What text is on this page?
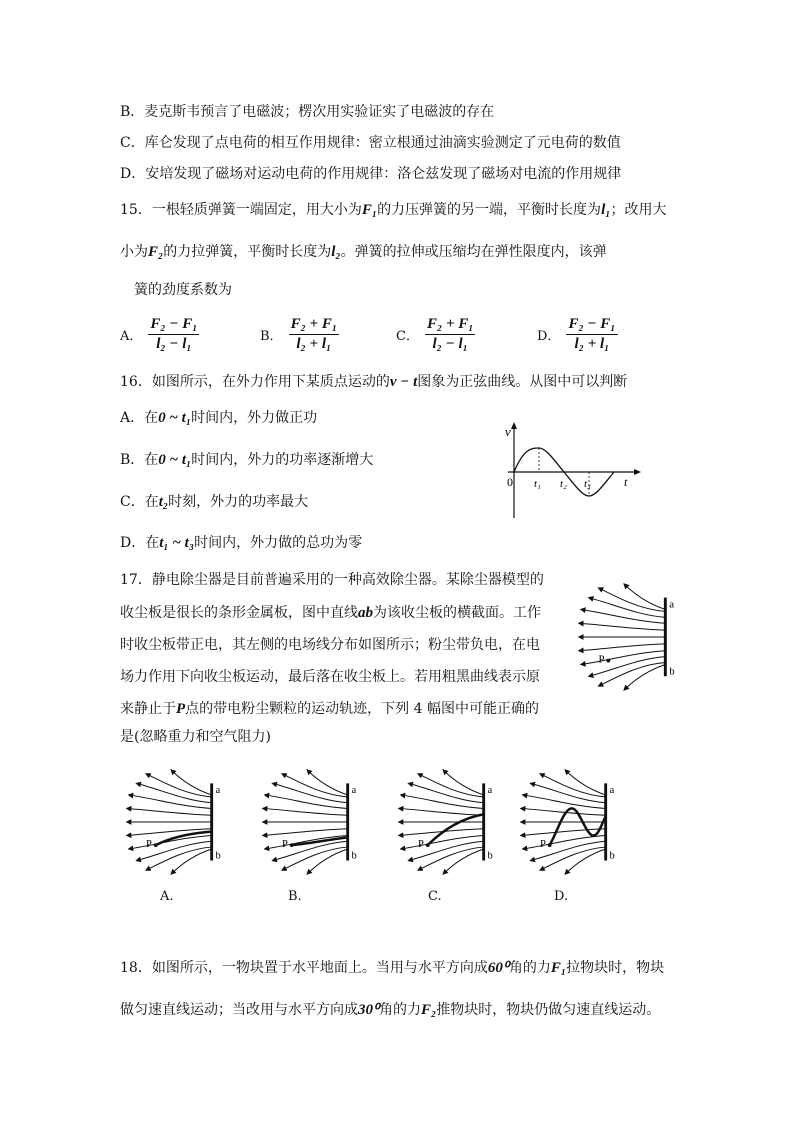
B．麦克斯韦预言了电磁波；楞次用实验证实了电磁波的存在
C．库仑发现了点电荷的相互作用规律：密立根通过油滴实验测定了元电荷的数值
D．安培发现了磁场对运动电荷的作用规律：洛仑兹发现了磁场对电流的作用规律
15．一根轻质弹簧一端固定，用大小为F₁的力压弹簧的另一端，平衡时长度为l₁；改用大
小为F₂的力拉弹簧，平衡时长度为l₂。弹簧的拉伸或压缩均在弹性限度内，该弹
簧的劲度系数为
A． $\frac{\text{F₂ − F₁}}{\text{l₂ − l₁}}$	B． $\frac{\text{F₂ + F₁}}{\text{l₂ + l₁}}$	C． $\frac{\text{F₂ + F₁}}{\text{l₂ − l₁}}$	D． $\frac{\text{F₂ − F₁}}{\text{l₂ + l₁}}$
16．如图所示，在外力作用下某质点运动的v − t图象为正弦曲线。从图中可以判断
A．在0 ~ t₁时间内，外力做正功
B．在0 ~ t₁时间内，外力的功率逐渐增大
C．在t₂时刻，外力的功率最大
D．在t₁ ~ t₃时间内，外力做的总功为零
v
0 t₁ t₂ t₃	t
17．静电除尘器是目前普遍采用的一种高效除尘器。某除尘器模型的
收尘板是很长的条形金属板，图中直线ab为该收尘板的横截面。工作
时收尘板带正电，其左侧的电场线分布如图所示；粉尘带负电，在电
场力作用下向收尘板运动，最后落在收尘板上。若用粗黑曲线表示原
来静止于P点的带电粉尘颗粒的运动轨迹，下列 4 幅图中可能正确的
是(忽略重力和空气阻力)
a
b
P
a
b
P
a
b
P
a
b
P
a
b
P
A.	B.	C.	D.
18．如图所示，一物块置于水平地面上。当用与水平方向成60⁰角的力F₁拉物块时，物块
做匀速直线运动；当改用与水平方向成30⁰角的力F₂推物块时，物块仍做匀速直线运动。
